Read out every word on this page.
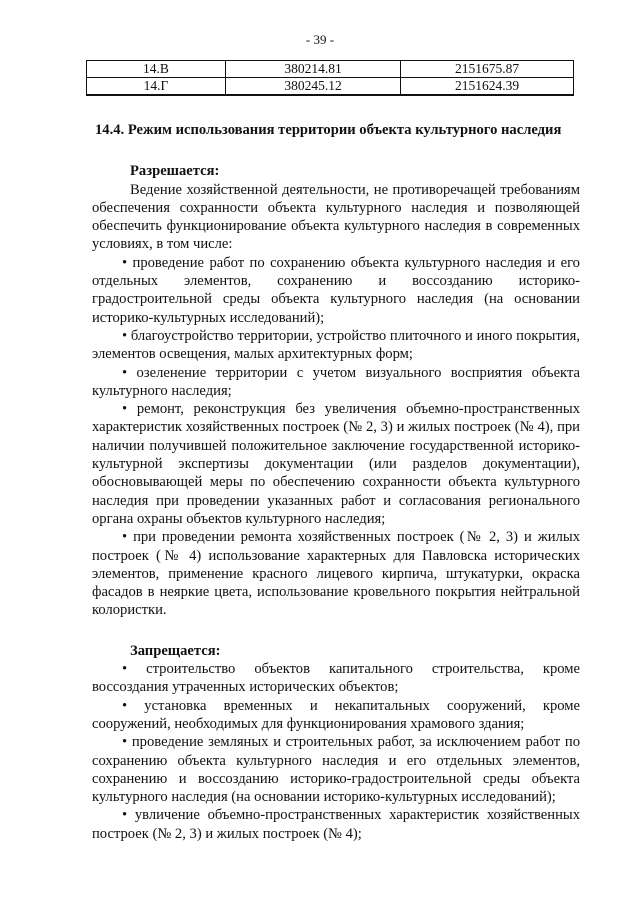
- 39 -
14.В	380214.81	2151675.87
14.Г	380245.12	2151624.39
14.4. Режим использования территории объекта культурного наследия
Разрешается:

Ведение хозяйственной деятельности, не противоречащей требованиям обеспечения сохранности объекта культурного наследия и позволяющей обеспечить функционирование объекта культурного наследия в современных условиях, в том числе:

• проведение работ по сохранению объекта культурного наследия и его отдельных элементов, сохранению и воссозданию историко-градостроительной среды объекта культурного наследия (на основании историко-культурных исследований);

• благоустройство территории, устройство плиточного и иного покрытия, элементов освещения, малых архитектурных форм;

• озеленение территории с учетом визуального восприятия объекта культурного наследия;

• ремонт, реконструкция без увеличения объемно-пространственных характеристик хозяйственных построек (№ 2, 3) и жилых построек (№ 4), при наличии получившей положительное заключение государственной историко-культурной экспертизы документации (или разделов документации), обосновывающей меры по обеспечению сохранности объекта культурного наследия при проведении указанных работ и согласования регионального органа охраны объектов культурного наследия;

• при проведении ремонта хозяйственных построек (№ 2, 3) и жилых построек (№ 4) использование характерных для Павловска исторических элементов, применение красного лицевого кирпича, штукатурки, окраска фасадов в неяркие цвета, использование кровельного покрытия нейтральной колористки.

Запрещается:

• строительство объектов капитального строительства, кроме воссоздания утраченных исторических объектов;

• установка временных и некапитальных сооружений, кроме сооружений, необходимых для функционирования храмового здания;

• проведение земляных и строительных работ, за исключением работ по сохранению объекта культурного наследия и его отдельных элементов, сохранению и воссозданию историко-градостроительной среды объекта культурного наследия (на основании историко-культурных исследований);

• увличение объемно-пространственных характеристик хозяйственных построек (№ 2, 3) и жилых построек (№ 4);
